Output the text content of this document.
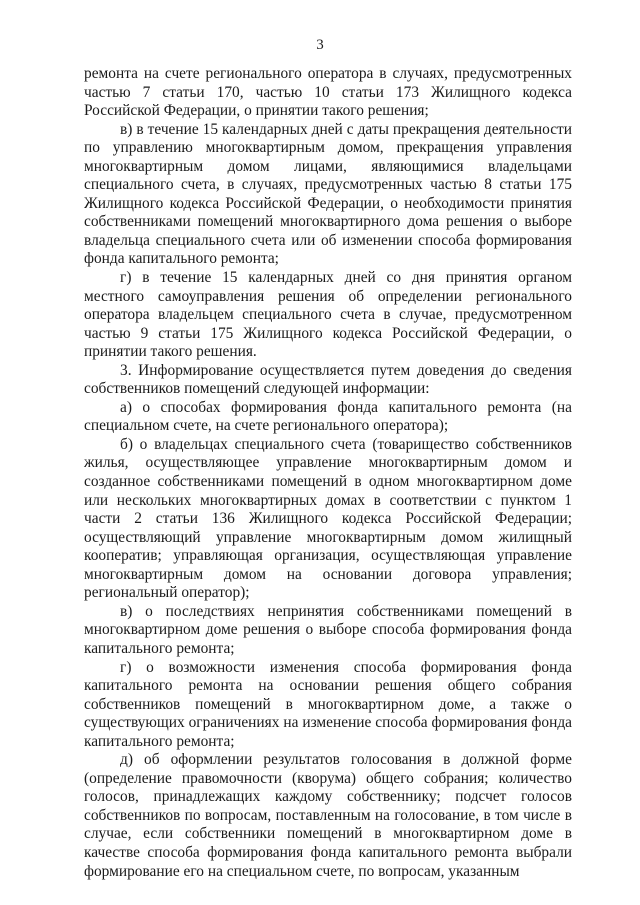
3

ремонта на счете регионального оператора в случаях, предусмотренных частью 7 статьи 170, частью 10 статьи 173 Жилищного кодекса Российской Федерации, о принятии такого решения;

в) в течение 15 календарных дней с даты прекращения деятельности по управлению многоквартирным домом, прекращения управления многоквартирным домом лицами, являющимися владельцами специального счета, в случаях, предусмотренных частью 8 статьи 175 Жилищного кодекса Российской Федерации, о необходимости принятия собственниками помещений многоквартирного дома решения о выборе владельца специального счета или об изменении способа формирования фонда капитального ремонта;

г) в течение 15 календарных дней со дня принятия органом местного самоуправления решения об определении регионального оператора владельцем специального счета в случае, предусмотренном частью 9 статьи 175 Жилищного кодекса Российской Федерации, о принятии такого решения.

3. Информирование осуществляется путем доведения до сведения собственников помещений следующей информации:

а) о способах формирования фонда капитального ремонта (на специальном счете, на счете регионального оператора);

б) о владельцах специального счета (товарищество собственников жилья, осуществляющее управление многоквартирным домом и созданное собственниками помещений в одном многоквартирном доме или нескольких многоквартирных домах в соответствии с пунктом 1 части 2 статьи 136 Жилищного кодекса Российской Федерации; осуществляющий управление многоквартирным домом жилищный кооператив; управляющая организация, осуществляющая управление многоквартирным домом на основании договора управления; региональный оператор);

в) о последствиях непринятия собственниками помещений в многоквартирном доме решения о выборе способа формирования фонда капитального ремонта;

г) о возможности изменения способа формирования фонда капитального ремонта на основании решения общего собрания собственников помещений в многоквартирном доме, а также о существующих ограничениях на изменение способа формирования фонда капитального ремонта;

д) об оформлении результатов голосования в должной форме (определение правомочности (кворума) общего собрания; количество голосов, принадлежащих каждому собственнику; подсчет голосов собственников по вопросам, поставленным на голосование, в том числе в случае, если собственники помещений в многоквартирном доме в качестве способа формирования фонда капитального ремонта выбрали формирование его на специальном счете, по вопросам, указанным
